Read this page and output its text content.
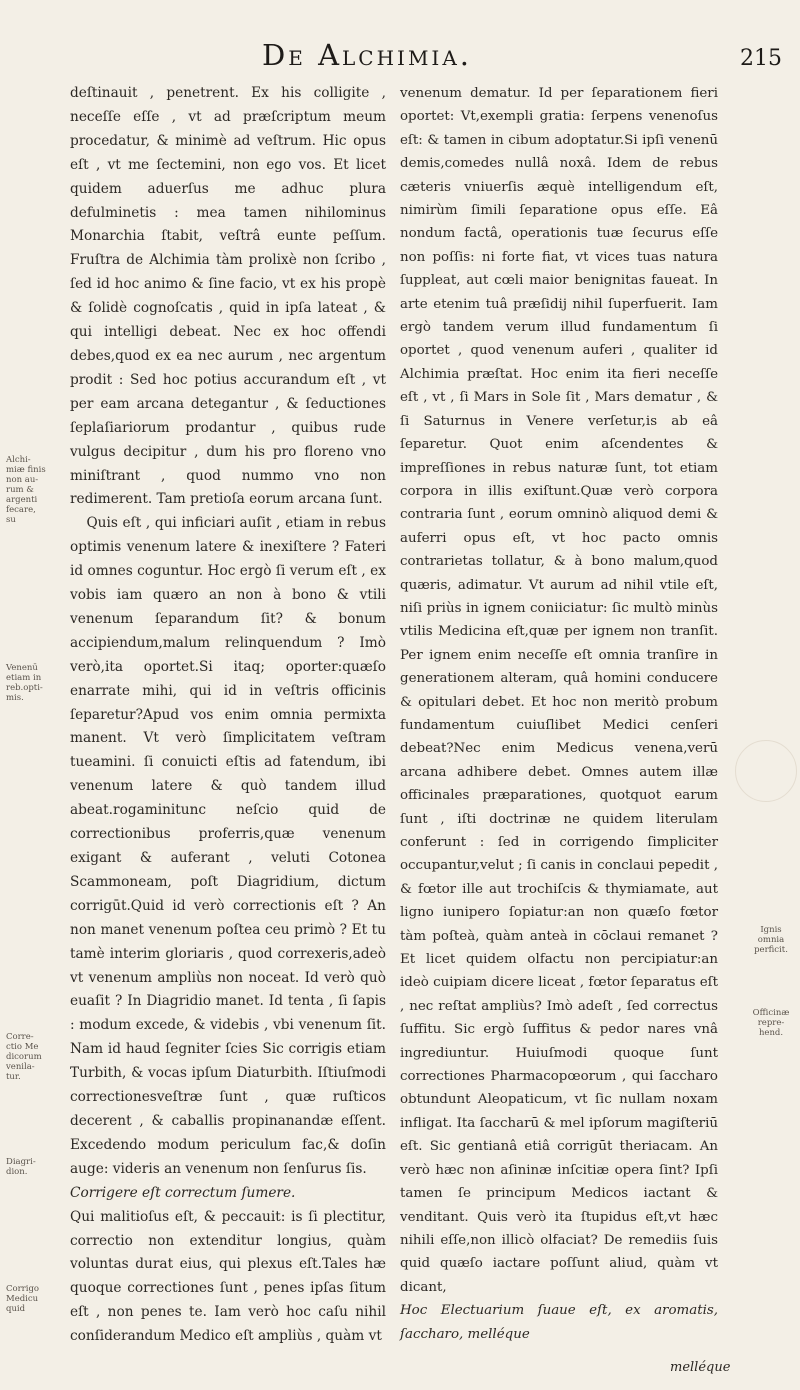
De Alchimia.	215
Alchi-
miæ finis
non au-
rum &
argenti
fecare,
su
Venenū
etiam in
reb.opti-
mis.
Corre-
ctio Me
dicorum
venila-
tur.
Diagri-
dion.
Corrigo
Medicu
quid
Ignis
omnia
perficit.
Officinæ
repre-
hend.

deſtinauit , penetrent. Ex his colligite , neceſſe eſſe , vt ad præſcriptum meum procedatur, & minimè ad veſtrum. Hic opus eſt , vt me ſectemini, non ego vos. Et licet quidem aduerſus me adhuc plura defulminetis : mea tamen nihilominus Monarchia ſtabit, veſtrâ eunte peſſum. Fruſtra de Alchimia tàm prolixè non ſcribo , ſed id hoc animo & ſine facio, vt ex his propè & ſolidè cognoſcatis , quid in ipſa lateat , & qui intelligi debeat. Nec ex hoc offendi debes,quod ex ea nec aurum , nec argentum prodit : Sed hoc potius accurandum eſt , vt per eam arcana detegantur , & ſeductiones ſeplaſiariorum prodantur , quibus rude vulgus decipitur , dum his pro floreno vno miniſtrant , quod nummo vno non redimerent. Tam pretioſa eorum arcana ſunt.

Quis eſt , qui inficiari auſit , etiam in rebus optimis venenum latere & inexiſtere ? Fateri id omnes coguntur. Hoc ergò ſi verum eſt , ex vobis iam quæro an non à bono & vtili venenum ſeparandum ſit? & bonum accipiendum,malum relinquendum ? Imò verò,ita oportet.Si itaq; oporter:quæſo enarrate mihi, qui id in veſtris officinis ſeparetur?Apud vos enim omnia permixta manent. Vt verò ſimplicitatem veſtram tueamini. ſi conuicti eſtis ad fatendum, ibi venenum latere & quò tandem illud abeat.rogaminitunc neſcio quid de correctionibus proferris,quæ venenum exigant & auferant , veluti Cotonea Scammoneam, poſt Diagridium, dictum corrigūt.Quid id verò correctionis eſt ? An non manet venenum poſtea ceu primò ? Et tu tamè interim gloriaris , quod correxeris,adeò vt venenum ampliùs non noceat. Id verò quò euaſit ? In Diagridio manet. Id tenta , ſi ſapis : modum excede, & videbis , vbi venenum ſit. Nam id haud ſegniter ſcies Sic corrigis etiam Turbith, & vocas ipſum Diaturbith. Iſtiuſmodi correctionesveſtræ ſunt , quæ ruſticos decerent , & caballis propinanandæ eſſent. Excedendo modum periculum fac,& doſin auge: videris an venenum non ſenſurus ſis.

Corrigere eſt correctum ſumere.

Qui malitioſus eſt, & peccauit: is ſi plectitur, correctio non extenditur longius, quàm voluntas durat eius, qui plexus eſt.Tales hæ quoque correctiones ſunt , penes ipſas ſitum eſt , non penes te. Iam verò hoc caſu nihil conſiderandum Medico eſt ampliùs , quàm vt

venenum dematur. Id per ſeparationem fieri oportet: Vt,exempli gratia: ſerpens venenoſus eſt: & tamen in cibum adoptatur.Si ipſi venenū demis,comedes nullâ noxâ. Idem de rebus cæteris vniuerſis æquè intelligendum eſt, nimirùm ſimili ſeparatione opus eſſe. Eâ nondum factâ, operationis tuæ ſecurus eſſe non poſſis: ni forte fiat, vt vices tuas natura ſuppleat, aut cœli maior benignitas faueat. In arte etenim tuâ præſidij nihil ſuperfuerit. Iam ergò tandem verum illud fundamentum ſi oportet , quod venenum auferi , qualiter id Alchimia præſtat. Hoc enim ita fieri neceſſe eſt , vt , ſi Mars in Sole ſit , Mars dematur , & ſi Saturnus in Venere verſetur,is ab eâ ſeparetur. Quot enim aſcendentes & impreſſiones in rebus naturæ ſunt, tot etiam corpora in illis exiſtunt.Quæ verò corpora contraria ſunt , eorum omninò aliquod demi & auferri opus eſt, vt hoc pacto omnis contrarietas tollatur, & à bono malum,quod quæris, adimatur. Vt aurum ad nihil vtile eſt, niſi priùs in ignem coniiciatur: ſic multò minùs vtilis Medicina eſt,quæ per ignem non tranſit. Per ignem enim neceſſe eſt omnia tranſire in generationem alteram, quâ homini conducere & opitulari debet. Et hoc non meritò probum fundamentum cuiuſlibet Medici cenſeri debeat?Nec enim Medicus venena,verū arcana adhibere debet. Omnes autem illæ officinales præparationes, quotquot earum ſunt , iſti doctrinæ ne quidem literulam conferunt : ſed in corrigendo ſimpliciter occupantur,velut ; ſi canis in conclaui pepedit , & fœtor ille aut trochiſcis & thymiamate, aut ligno iunipero ſopiatur:an non quæſo fœtor tàm poſteà, quàm anteà in cōclaui remanet ? Et licet quidem olfactu non percipiatur:an ideò cuipiam dicere liceat , fœtor ſeparatus eſt , nec reſtat ampliùs? Imò adeſt , ſed correctus ſuffitu. Sic ergò ſuffitus & pedor nares vnâ ingrediuntur. Huiuſmodi quoque ſunt correctiones Pharmacopœorum , qui ſaccharo obtundunt Aleopaticum, vt ſic nullam noxam infligat. Ita ſaccharū & mel ipſorum magiſteriū eſt. Sic gentianâ etiâ corrigūt theriacam. An verò hæc non aſininæ inſcitiæ opera ſint? Ipſi tamen ſe principum Medicos iactant & venditant. Quis verò ita ſtupidus eſt,vt hæc nihili eſſe,non illicò olfaciat? De remediis ſuis quid quæſo iactare poſſunt aliud, quàm vt dicant,

Hoc Electuarium ſuaue eſt, ex aromatis, ſaccharo, melléque

melléque
